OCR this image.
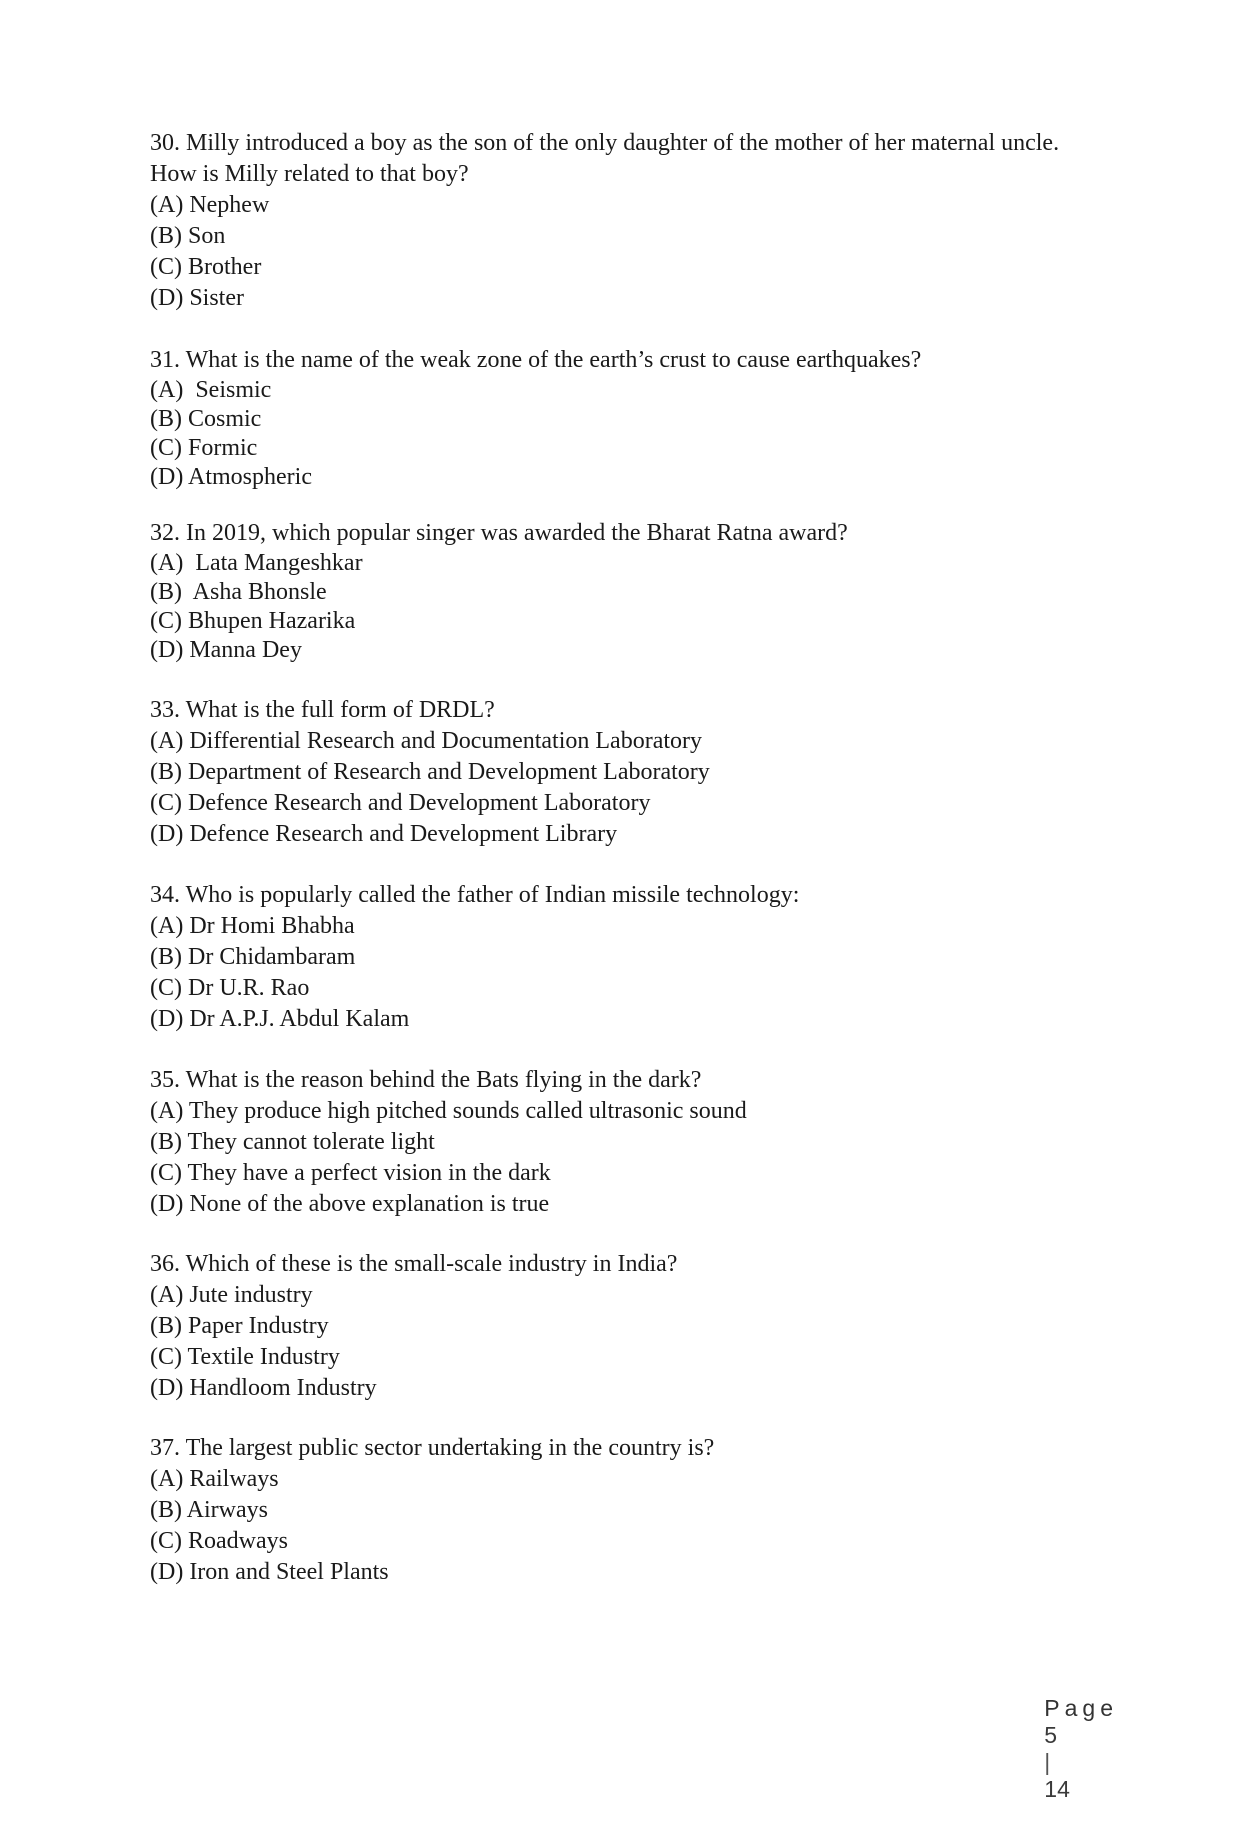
30. Milly introduced a boy as the son of the only daughter of the mother of her maternal uncle.
How is Milly related to that boy?
(A) Nephew
(B) Son
(C) Brother
(D) Sister
31. What is the name of the weak zone of the earth’s crust to cause earthquakes?
(A)  Seismic
(B) Cosmic
(C) Formic
(D) Atmospheric
32. In 2019, which popular singer was awarded the Bharat Ratna award?
(A)  Lata Mangeshkar
(B)  Asha Bhonsle
(C) Bhupen Hazarika
(D) Manna Dey
33. What is the full form of DRDL?
(A) Differential Research and Documentation Laboratory
(B) Department of Research and Development Laboratory
(C) Defence Research and Development Laboratory
(D) Defence Research and Development Library
34. Who is popularly called the father of Indian missile technology:
(A) Dr Homi Bhabha
(B) Dr Chidambaram
(C) Dr U.R. Rao
(D) Dr A.P.J. Abdul Kalam
35. What is the reason behind the Bats flying in the dark?
(A) They produce high pitched sounds called ultrasonic sound
(B) They cannot tolerate light
(C) They have a perfect vision in the dark
(D) None of the above explanation is true
36. Which of these is the small-scale industry in India?
(A) Jute industry
(B) Paper Industry
(C) Textile Industry
(D) Handloom Industry
37. The largest public sector undertaking in the country is?
(A) Railways
(B) Airways
(C) Roadways
(D) Iron and Steel Plants

Page
5
|
14
